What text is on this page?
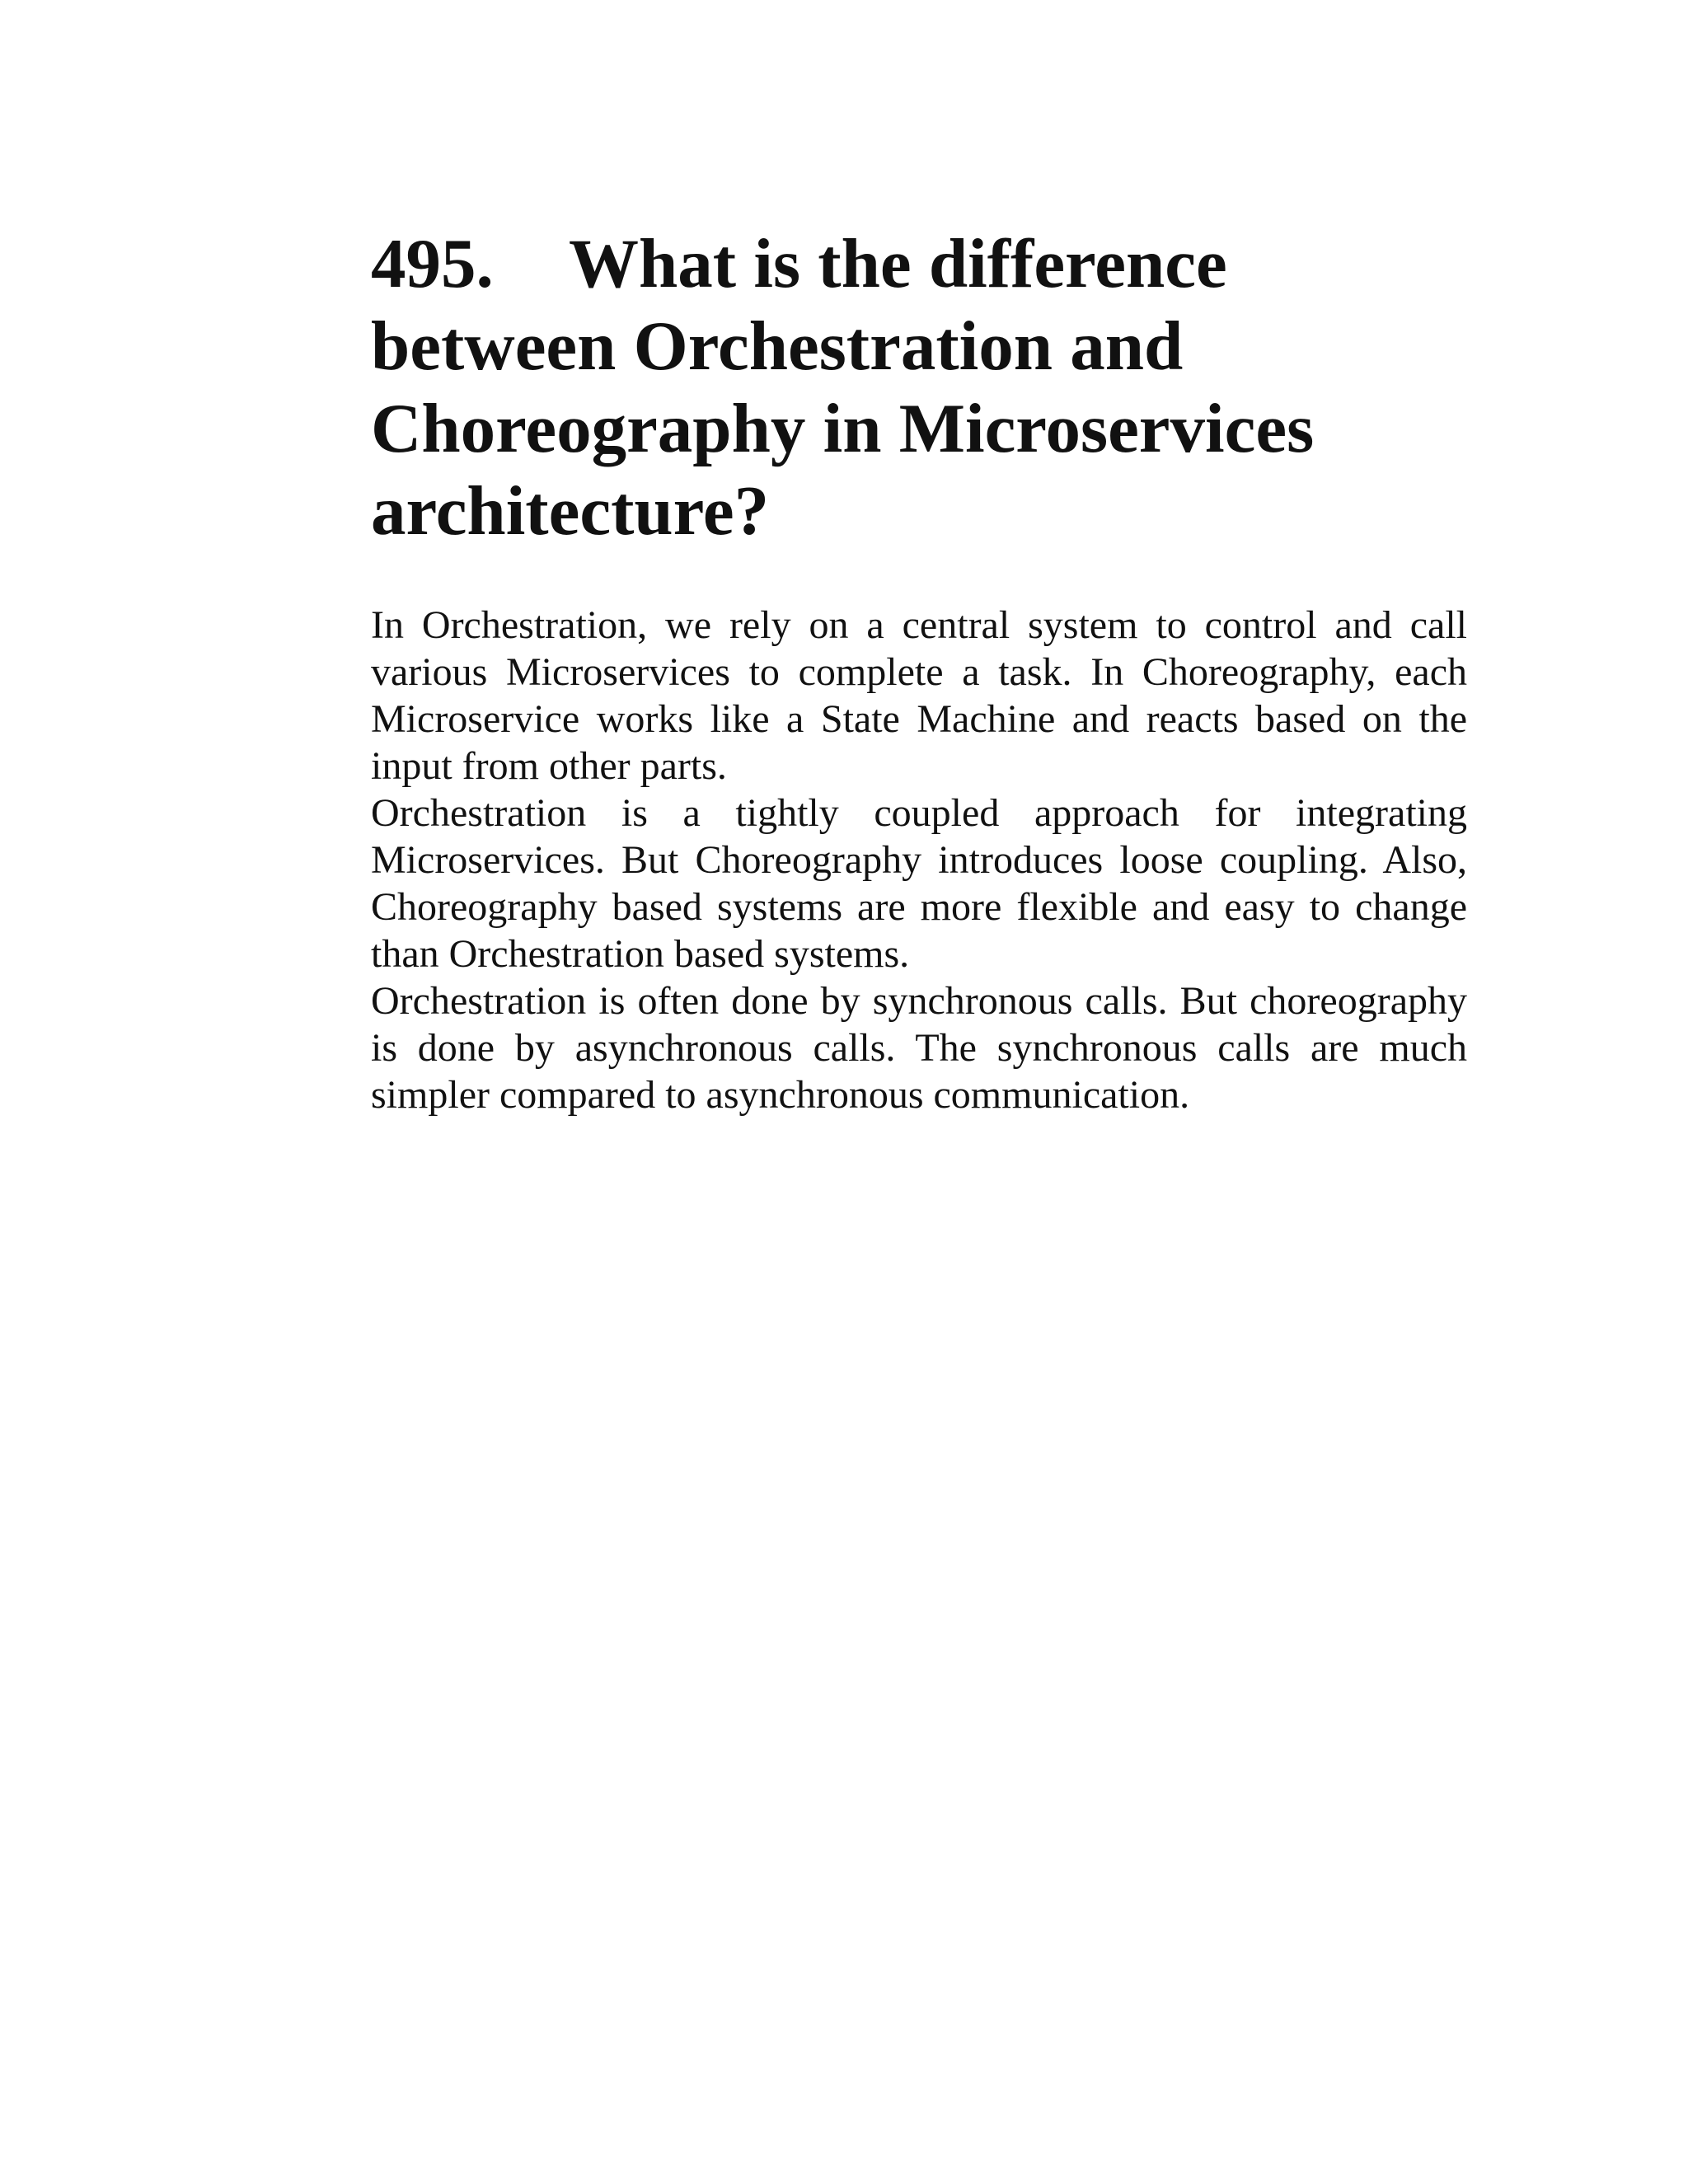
495. What is the difference between Orchestration and Choreography in Microservices architecture?

In Orchestration, we rely on a central system to control and call various Microservices to complete a task. In Choreography, each Microservice works like a State Machine and reacts based on the input from other parts.

Orchestration is a tightly coupled approach for integrating Microservices. But Choreography introduces loose coupling. Also, Choreography based systems are more flexible and easy to change than Orchestration based systems.

Orchestration is often done by synchronous calls. But choreography is done by asynchronous calls. The synchronous calls are much simpler compared to asynchronous communication.
